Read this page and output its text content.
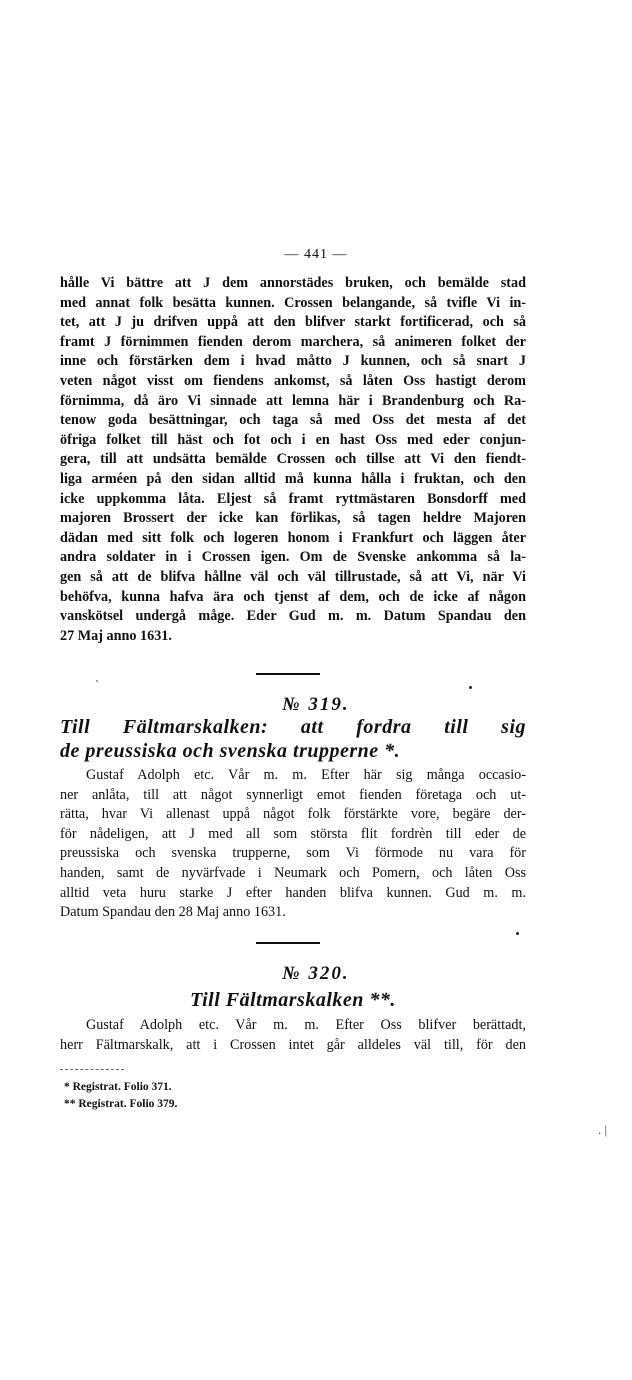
— 441 —
hålle Vi bättre att J dem annorstädes bruken, och bemälde stad
med annat folk besätta kunnen. Crossen belangande, så tvifle Vi in-
tet, att J ju drifven uppå att den blifver starkt fortificerad, och så
framt J förnimmen fienden derom marchera, så animeren folket der
inne och förstärken dem i hvad måtto J kunnen, och så snart J
veten något visst om fiendens ankomst, så låten Oss hastigt derom
förnimma, då äro Vi sinnade att lemna här i Brandenburg och Ra-
tenow goda besättningar, och taga så med Oss det mesta af det
öfriga folket till häst och fot och i en hast Oss med eder conjun-
gera, till att undsätta bemälde Crossen och tillse att Vi den fiendt-
liga arméen på den sidan alltid må kunna hålla i fruktan, och den
icke uppkomma låta. Eljest så framt ryttmästaren Bonsdorff med
majoren Brossert der icke kan förlikas, så tagen heldre Majoren
dädan med sitt folk och logeren honom i Frankfurt och läggen åter
andra soldater in i Crossen igen. Om de Svenske ankomma så la-
gen så att de blifva hållne väl och väl tillrustade, så att Vi, när Vi
behöfva, kunna hafva ära och tjenst af dem, och de icke af någon
vanskötsel undergå måge. Eder Gud m. m. Datum Spandau den
27 Maj anno 1631.
№ 319.
Till Fältmarskalken: att fordra till sig
de preussiska och svenska trupperne *.
Gustaf Adolph etc. Vår m. m. Efter här sig många occasio-
ner anlåta, till att något synnerligt emot fienden företaga och ut-
rätta, hvar Vi allenast uppå något folk förstärkte vore, begäre der-
för nådeligen, att J med all som största flit fordrèn till eder de
preussiska och svenska trupperne, som Vi förmode nu vara för
handen, samt de nyvärfvade i Neumark och Pomern, och låten Oss
alltid veta huru starke J efter handen blifva kunnen. Gud m. m.
Datum Spandau den 28 Maj anno 1631.
№ 320.
Till Fältmarskalken **.
Gustaf Adolph etc. Vår m. m. Efter Oss blifver berättadt,
herr Fältmarskalk, att i Crossen intet går alldeles väl till, för den
* Registrat. Folio 371.
** Registrat. Folio 379.
. |
